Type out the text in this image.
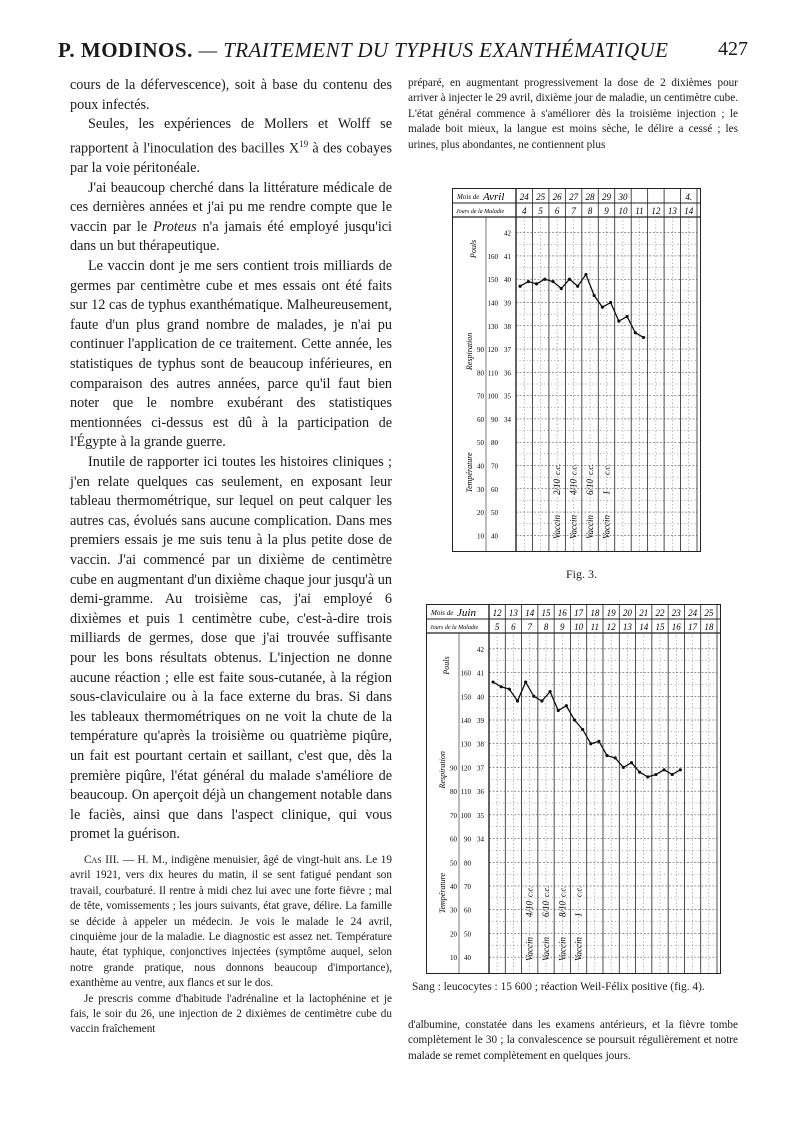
P. MODINOS. — TRAITEMENT DU TYPHUS EXANTHÉMATIQUE 427

cours de la défervescence), soit à base du contenu des poux infectés.

Seules, les expériences de Mollers et Wolff se rapportent à l'inoculation des bacilles $X^{19}$ à des cobayes par la voie péritonéale.

J'ai beaucoup cherché dans la littérature médicale de ces dernières années et j'ai pu me rendre compte que le vaccin par le Proteus n'a jamais été employé jusqu'ici dans un but thérapeutique.

Le vaccin dont je me sers contient trois milliards de germes par centimètre cube et mes essais ont été faits sur 12 cas de typhus exanthématique. Malheureusement, faute d'un plus grand nombre de malades, je n'ai pu continuer l'application de ce traitement. Cette année, les statistiques de typhus sont de beaucoup inférieures, en comparaison des autres années, parce qu'il faut bien noter que le nombre exubérant des statistiques mentionnées ci-dessus est dû à la participation de l'Égypte à la grande guerre.

Inutile de rapporter ici toutes les histoires cliniques ; j'en relate quelques cas seulement, en exposant leur tableau thermométrique, sur lequel on peut calquer les autres cas, évolués sans aucune complication. Dans mes premiers essais je me suis tenu à la plus petite dose de vaccin. J'ai commencé par un dixième de centimètre cube en augmentant d'un dixième chaque jour jusqu'à un demi-gramme. Au troisième cas, j'ai employé 6 dixièmes et puis 1 centimètre cube, c'est-à-dire trois milliards de germes, dose que j'ai trouvée suffisante pour les bons résultats obtenus. L'injection ne donne aucune réaction ; elle est faite sous-cutanée, à la région sous-claviculaire ou à la face externe du bras. Si dans les tableaux thermométriques on ne voit la chute de la température qu'après la troisième ou quatrième piqûre, un fait est pourtant certain et saillant, c'est que, dès la première piqûre, l'état général du malade s'améliore de beaucoup. On aperçoit déjà un changement notable dans le faciès, ainsi que dans l'aspect clinique, qui vous promet la guérison.

Cas III. — H. M., indigène menuisier, âgé de vingt-huit ans. Le 19 avril 1921, vers dix heures du matin, il se sent fatigué pendant son travail, courbaturé. Il rentre à midi chez lui avec une forte fièvre ; mal de tête, vomissements ; les jours suivants, état grave, délire. La famille se décide à appeler un médecin. Je vois le malade le 24 avril, cinquième jour de la maladie. Le diagnostic est assez net. Température haute, état typhique, conjonctives injectées (symptôme auquel, selon notre grande pratique, nous donnons beaucoup d'importance), exanthème au ventre, aux flancs et sur le dos.

Je prescris comme d'habitude l'adrénaline et la lactophénine et je fais, le soir du 26, une injection de 2 dixièmes de centimètre cube du vaccin fraîchement

préparé, en augmentant progressivement la dose de 2 dixièmes pour arriver à injecter le 29 avril, dixième jour de maladie, un centimètre cube. L'état général commence à s'améliorer dès la troisième injection ; le malade boit mieux, la langue est moins sèche, le délire a cessé ; les urines, plus abondantes, ne contiennent plus

Mois de Avril
Jours de la Maladie
24
4
25
5
26
6
27
7
28
8
29
9
30
10 11 12 13
4.
14
42
160 41
150 40
140 39
130 38
120 37
110 36
100 35
90 34
80
70
60
50
40
90
80
70
60
50
40
30
20
10
Pouls
Respiration
Température
Vaccin
2/10
c.c.
Vaccin
4/10
c.c.
Vaccin
6/10
c.c.
Vaccin
1
c.c.
Fig. 3.
Mois de Juin
Jours de la Maladie
12
5
13
6
14
7
15
8
16
9
17
10
18
11
19
12
20
13
21
14
22
15
23
16
24
17
25
18
42
160 41
150 40
140 39
130 38
120 37
110 36
100 35
90 34
80
70
60
50
40
90
80
70
60
50
40
30
20
10
Pouls
Respiration
Température
Vaccin
4/10
c.c.
Vaccin
6/10
c.c.
Vaccin
8/10
c.c.
Vaccin
1
c.c.
Sang : leucocytes : 15 600 ; réaction Weil-Félix positive (fig. 4).

d'albumine, constatée dans les examens antérieurs, et la fièvre tombe complètement le 30 ; la convalescence se poursuit régulièrement et notre malade se remet complètement en quelques jours.
